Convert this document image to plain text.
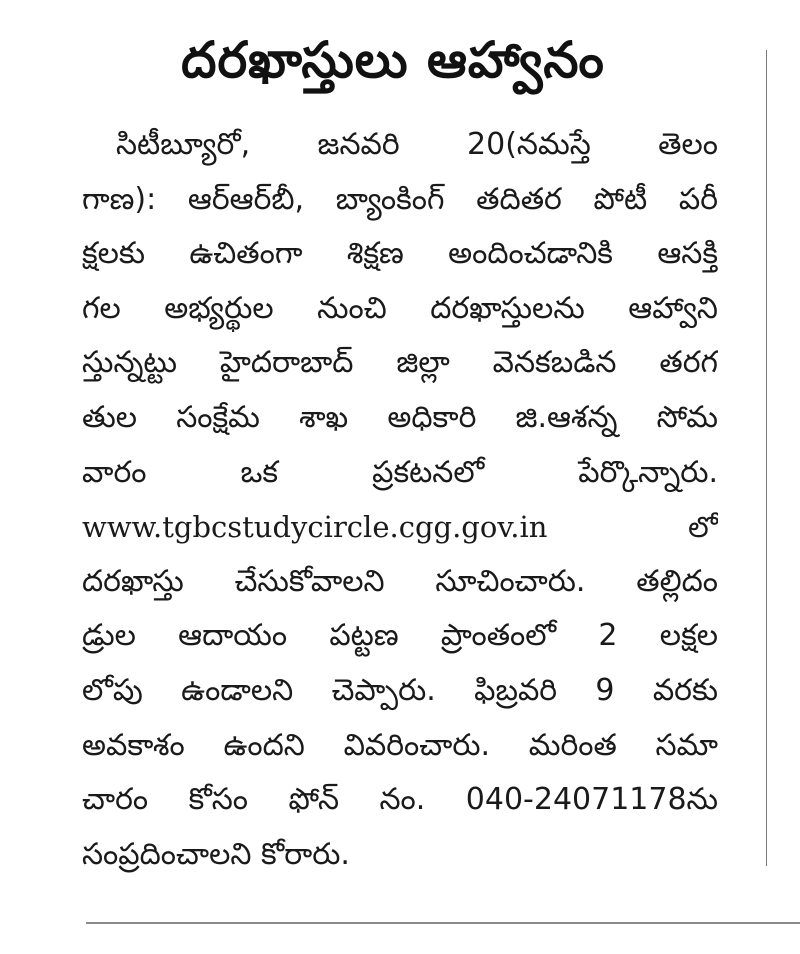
దరఖాస్తులు ఆహ్వానం
సిటీబ్యూరో, జనవరి 20(నమస్తే తెలం
గాణ): ఆర్‌ఆర్‌బీ, బ్యాంకింగ్ తదితర పోటీ పరీ
క్షలకు ఉచితంగా శిక్షణ అందించడానికి ఆసక్తి
గల అభ్యర్థుల నుంచి దరఖాస్తులను ఆహ్వాని
స్తున్నట్టు హైదరాబాద్ జిల్లా వెనకబడిన తరగ
తుల సంక్షేమ శాఖ అధికారి జి.ఆశన్న సోమ
వారం ఒక ప్రకటనలో పేర్కొన్నారు.
www.tgbcstudycircle.cgg.gov.in లో
దరఖాస్తు చేసుకోవాలని సూచించారు. తల్లిదం
డ్రుల ఆదాయం పట్టణ ప్రాంతంలో 2 లక్షల
లోపు ఉండాలని చెప్పారు. ఫిబ్రవరి 9 వరకు
అవకాశం ఉందని వివరించారు. మరింత సమా
చారం కోసం ఫోన్ నం. 040-24071178ను
సంప్రదించాలని కోరారు.
